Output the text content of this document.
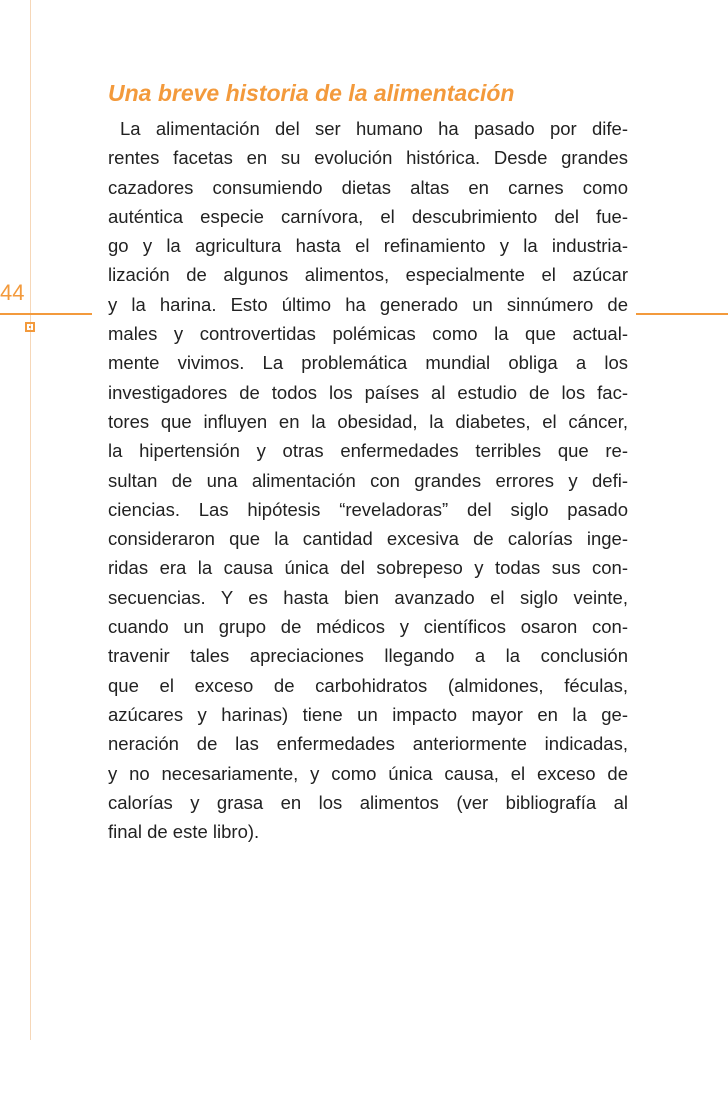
44
Una breve historia de la alimentación
La alimentación del ser humano ha pasado por dife-
rentes facetas en su evolución histórica. Desde grandes
cazadores consumiendo dietas altas en carnes como
auténtica especie carnívora, el descubrimiento del fue-
go y la agricultura hasta el refinamiento y la industria-
lización de algunos alimentos, especialmente el azúcar
y la harina. Esto último ha generado un sinnúmero de
males y controvertidas polémicas como la que actual-
mente vivimos. La problemática mundial obliga a los
investigadores de todos los países al estudio de los fac-
tores que influyen en la obesidad, la diabetes, el cáncer,
la hipertensión y otras enfermedades terribles que re-
sultan de una alimentación con grandes errores y defi-
ciencias. Las hipótesis “reveladoras” del siglo pasado
consideraron que la cantidad excesiva de calorías inge-
ridas era la causa única del sobrepeso y todas sus con-
secuencias. Y es hasta bien avanzado el siglo veinte,
cuando un grupo de médicos y científicos osaron con-
travenir tales apreciaciones llegando a la conclusión
que el exceso de carbohidratos (almidones, féculas,
azúcares y harinas) tiene un impacto mayor en la ge-
neración de las enfermedades anteriormente indicadas,
y no necesariamente, y como única causa, el exceso de
calorías y grasa en los alimentos (ver bibliografía al
final de este libro).
